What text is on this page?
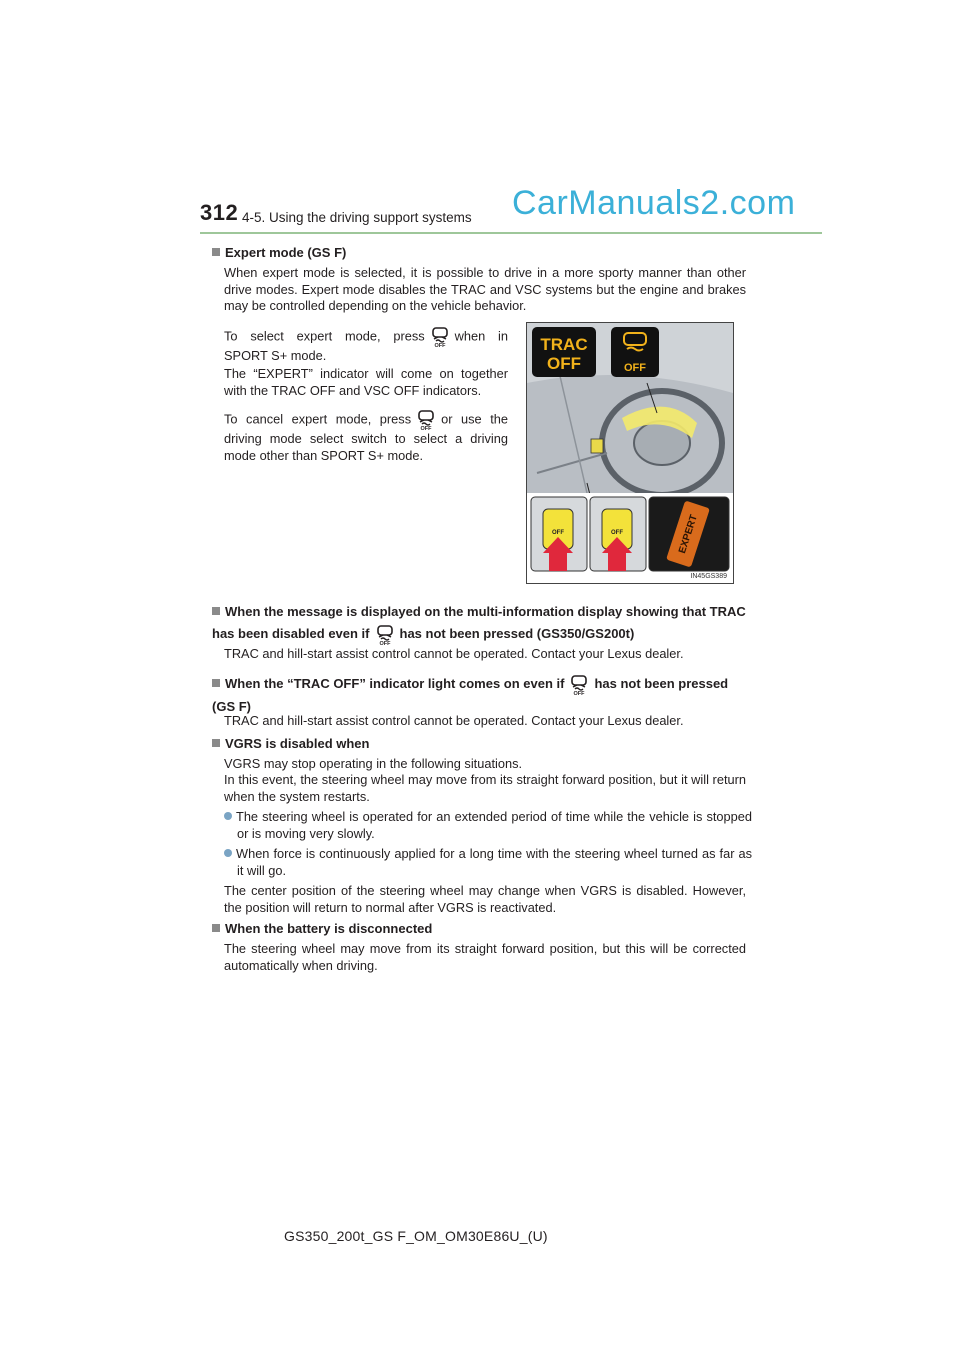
312 4-5. Using the driving support systems CarManuals2.com
Expert mode (GS F)
When expert mode is selected, it is possible to drive in a more sporty manner than other drive modes. Expert mode disables the TRAC and VSC systems but the engine and brakes may be controlled depending on the vehicle behavior.
To select expert mode, press
OFF
when in SPORT S+ mode.
The “EXPERT” indicator will come on together with the TRAC OFF and VSC OFF indicators.
To cancel expert mode, press
OFF
or use the driving mode select switch to select a driving mode other than SPORT S+ mode.
TRAC
OFF	OFF
OFF	OFF	EXPERT
IN45GS389
When the message is displayed on the multi-information display showing that TRAC has been disabled even if
OFF
has not been pressed (GS350/GS200t)
TRAC and hill-start assist control cannot be operated. Contact your Lexus dealer.
When the “TRAC OFF” indicator light comes on even if
OFF
has not been pressed (GS F)
TRAC and hill-start assist control cannot be operated. Contact your Lexus dealer.
VGRS is disabled when
VGRS may stop operating in the following situations.
In this event, the steering wheel may move from its straight forward position, but it will return when the system restarts.
The steering wheel is operated for an extended period of time while the vehicle is stopped or is moving very slowly.
When force is continuously applied for a long time with the steering wheel turned as far as it will go.
The center position of the steering wheel may change when VGRS is disabled. However, the position will return to normal after VGRS is reactivated.
When the battery is disconnected
The steering wheel may move from its straight forward position, but this will be corrected automatically when driving.
GS350_200t_GS F_OM_OM30E86U_(U)
